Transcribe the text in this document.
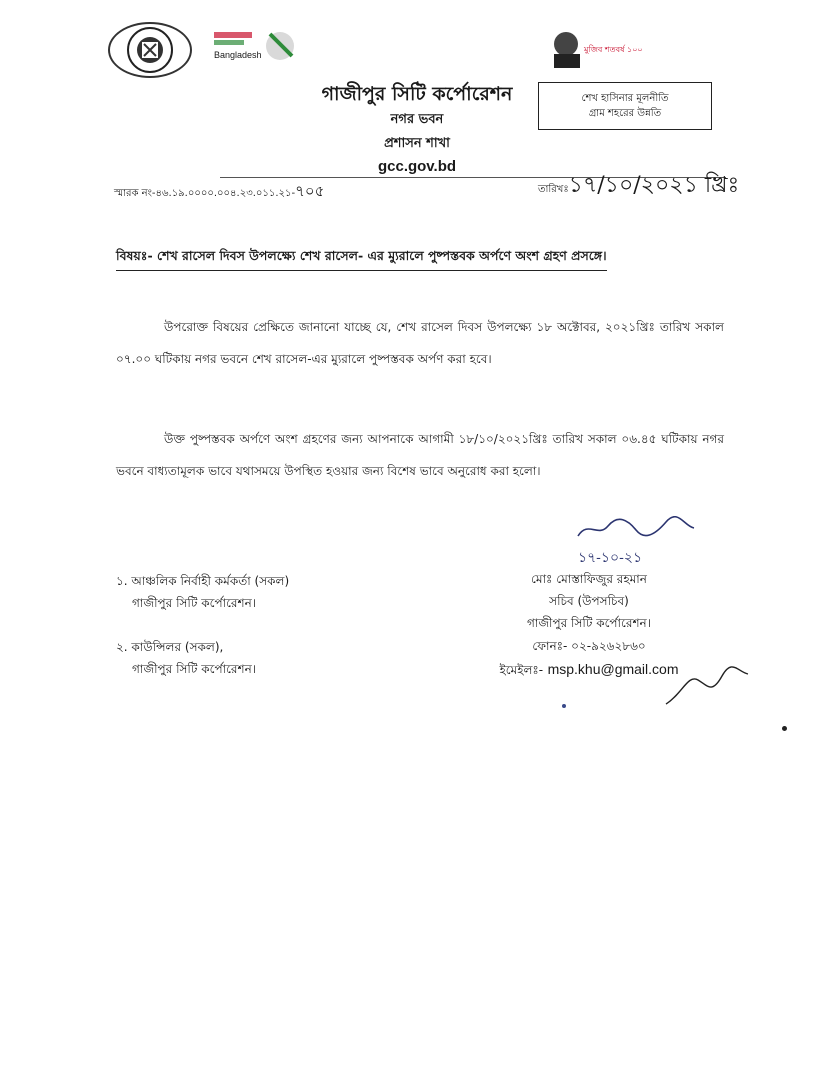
Bangladesh
মুজিব শতবর্ষ ১০০
গাজীপুর সিটি কর্পোরেশন
নগর ভবন
প্রশাসন শাখা
gcc.gov.bd
শেখ হাসিনার মূলনীতি
গ্রাম শহরের উন্নতি
স্মারক নং-৪৬.১৯.০০০০.০০৪.২৩.০১১.২১-৭০৫	তারিখঃ১৭/১০/২০২১ খ্রিঃ
বিষয়ঃ- শেখ রাসেল দিবস উপলক্ষ্যে শেখ রাসেল- এর ম্যুরালে পুষ্পস্তবক অর্পণে অংশ গ্রহণ প্রসঙ্গে।
উপরোক্ত বিষয়ের প্রেক্ষিতে জানানো যাচ্ছে যে, শেখ রাসেল দিবস উপলক্ষ্যে ১৮ অক্টোবর, ২০২১খ্রিঃ তারিখ সকাল ০৭.০০ ঘটিকায় নগর ভবনে শেখ রাসেল-এর ম্যুরালে পুষ্পস্তবক অর্পণ করা হবে।
উক্ত পুষ্পস্তবক অর্পণে অংশ গ্রহণের জন্য আপনাকে আগামী ১৮/১০/২০২১খ্রিঃ তারিখ সকাল ০৬.৪৫ ঘটিকায় নগর ভবনে বাধ্যতামূলক ভাবে যথাসময়ে উপস্থিত হওয়ার জন্য বিশেষ ভাবে অনুরোধ করা হলো।
১৭-১০-২১
১. আঞ্চলিক নির্বাহী কর্মকর্তা (সকল)
গাজীপুর সিটি কর্পোরেশন।
২. কাউন্সিলর (সকল),
গাজীপুর সিটি কর্পোরেশন।
মোঃ মোস্তাফিজুর রহমান
সচিব (উপসচিব)
গাজীপুর সিটি কর্পোরেশন।
ফোনঃ- ০২-৯২৬২৮৬০
ইমেইলঃ- msp.khu@gmail.com
